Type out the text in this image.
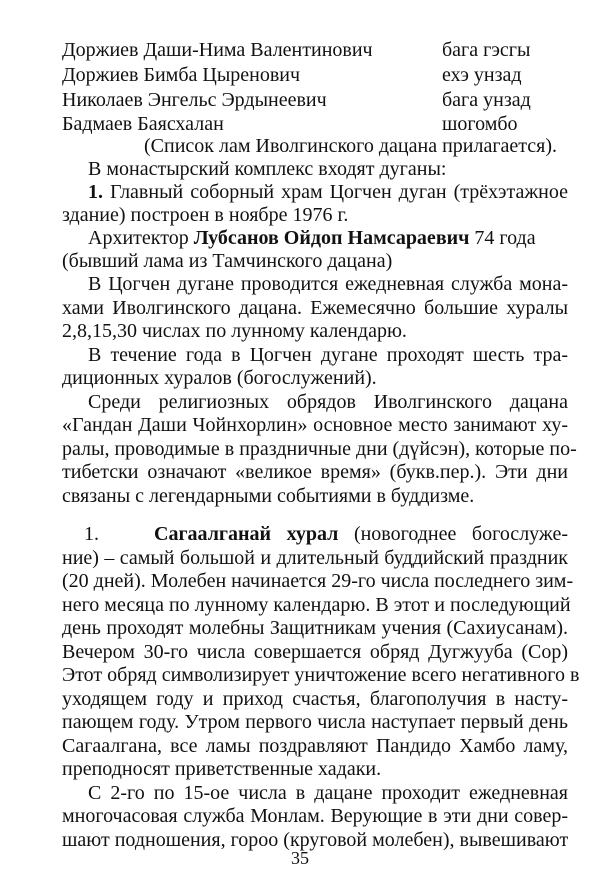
Доржиев Даши-Нима Валентинович	бага гэсгы
Доржиев Бимба Цыренович	ехэ унзад
Николаев Энгельс Эрдынеевич	бага унзад
Бадмаев Баясхалан	шогомбо
(Список лам Иволгинского дацана прилагается).
В монастырский комплекс входят дуганы:
1. Главный соборный храм Цогчен дуган (трёхэтажное
здание) построен в ноябре 1976 г.
Архитектор Лубсанов Ойдоп Намсараевич 74 года
(бывший лама из Тамчинского дацана)
В Цогчен дугане проводится ежедневная служба мона-
хами Иволгинского дацана. Ежемесячно большие хуралы
2,8,15,30 числах по лунному календарю.
В течение года в Цогчен дугане проходят шесть тра-
диционных хуралов (богослужений).
Среди религиозных обрядов Иволгинского дацана
«Гандан Даши Чойнхорлин» основное место занимают ху-
ралы, проводимые в праздничные дни (дүйсэн), которые по-
тибетски означают «великое время» (букв.пер.). Эти дни
связаны с легендарными событиями в буддизме.
1.	Сагаалганай хурал (новогоднее богослуже-
ние) – самый большой и длительный буддийский праздник
(20 дней). Молебен начинается 29-го числа последнего зим-
него месяца по лунному календарю. В этот и последующий
день проходят молебны Защитникам учения (Сахиусанам).
Вечером 30-го числа совершается обряд Дугжууба (Сор)
Этот обряд символизирует уничтожение всего негативного в
уходящем году и приход счастья, благополучия в насту-
пающем году. Утром первого числа наступает первый день
Сагаалгана, все ламы поздравляют Пандидо Хамбо ламу,
преподносят приветственные хадаки.
С 2-го по 15-ое числа в дацане проходит ежедневная
многочасовая служба Монлам. Верующие в эти дни совер-
шают подношения, гороо (круговой молебен), вывешивают
35
